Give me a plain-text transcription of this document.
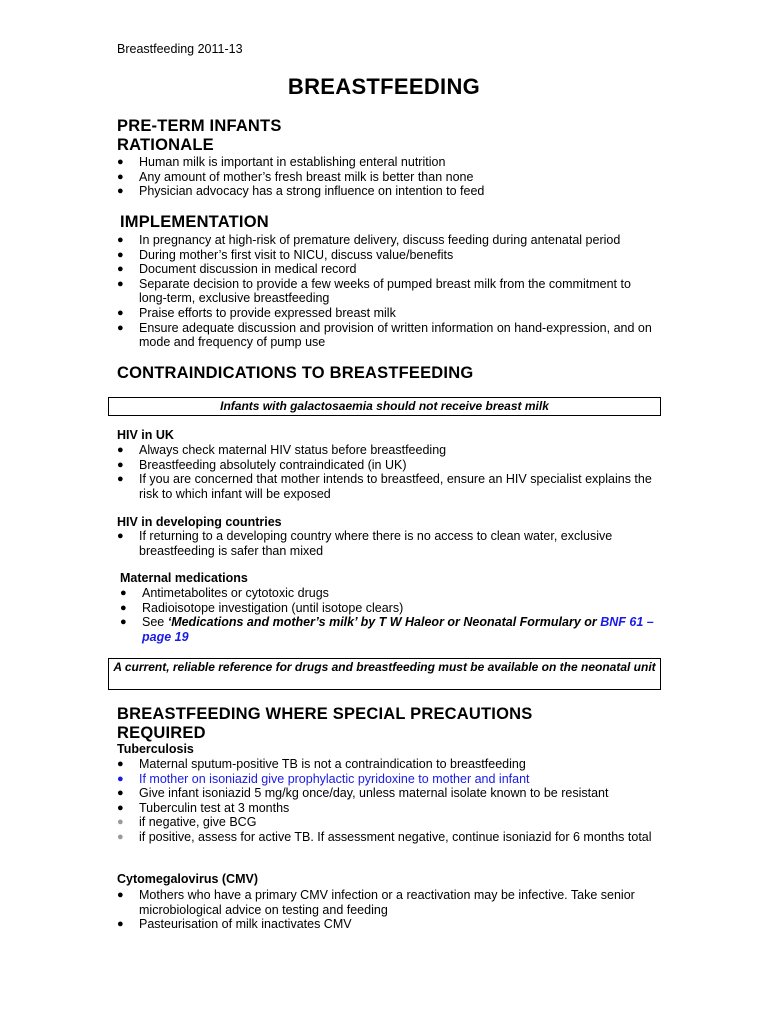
Breastfeeding 2011-13
BREASTFEEDING
PRE-TERM INFANTS
RATIONALE
●	Human milk is important in establishing enteral nutrition
●	Any amount of mother’s fresh breast milk is better than none
●	Physician advocacy has a strong influence on intention to feed
IMPLEMENTATION
●	In pregnancy at high-risk of premature delivery, discuss feeding during antenatal period
●	During mother’s first visit to NICU, discuss value/benefits
●	Document discussion in medical record
●	Separate decision to provide a few weeks of pumped breast milk from the commitment to long-term, exclusive breastfeeding
●	Praise efforts to provide expressed breast milk
●	Ensure adequate discussion and provision of written information on hand-expression, and on mode and frequency of pump use
CONTRAINDICATIONS TO BREASTFEEDING
Infants with galactosaemia should not receive breast milk
HIV in UK
●	Always check maternal HIV status before breastfeeding
●	Breastfeeding absolutely contraindicated (in UK)
●	If you are concerned that mother intends to breastfeed, ensure an HIV specialist explains the risk to which infant will be exposed
HIV in developing countries
●	If returning to a developing country where there is no access to clean water, exclusive breastfeeding is safer than mixed
Maternal medications
●	Antimetabolites or cytotoxic drugs
●	Radioisotope investigation (until isotope clears)
●	See ‘Medications and mother’s milk’ by T W Haleor or Neonatal Formulary or BNF 61 – page 19
A current, reliable reference for drugs and breastfeeding must be available on the neonatal unit
BREASTFEEDING WHERE SPECIAL PRECAUTIONS REQUIRED
Tuberculosis
●	Maternal sputum-positive TB is not a contraindication to breastfeeding
●	If mother on isoniazid give prophylactic pyridoxine to mother and infant
●	Give infant isoniazid 5 mg/kg once/day, unless maternal isolate known to be resistant
●	Tuberculin test at 3 months
●	if negative, give BCG
●	if positive, assess for active TB. If assessment negative, continue isoniazid for 6 months total
Cytomegalovirus (CMV)
●	Mothers who have a primary CMV infection or a reactivation may be infective. Take senior microbiological advice on testing and feeding
●	Pasteurisation of milk inactivates CMV
